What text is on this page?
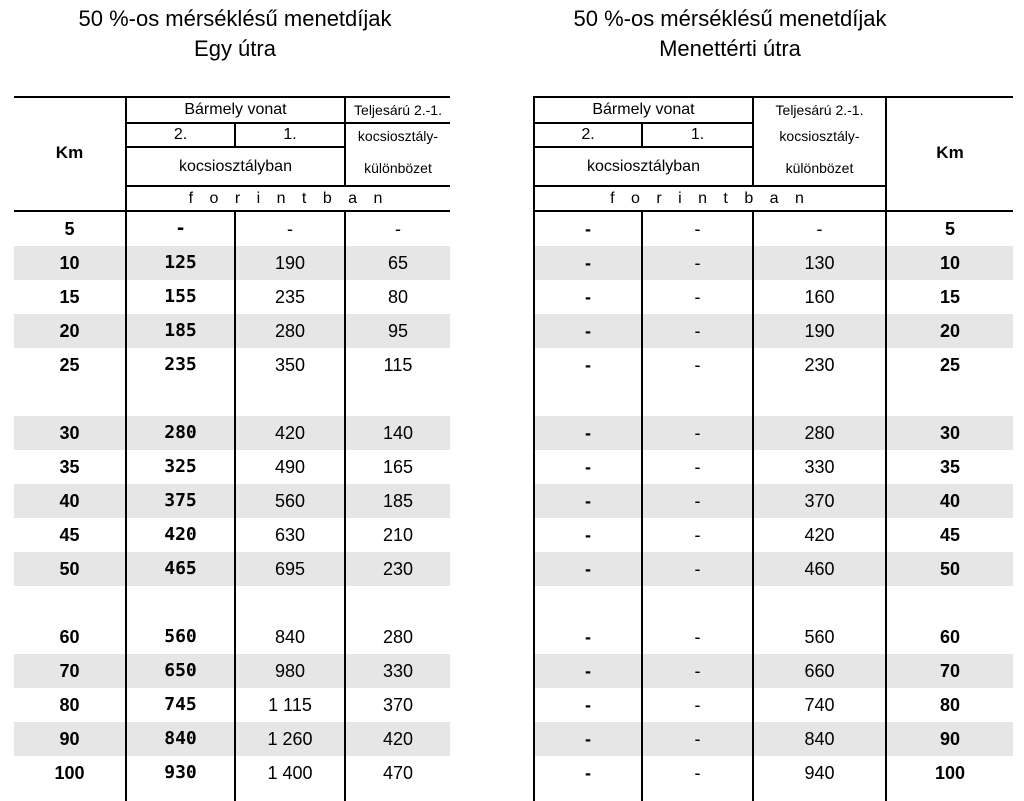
50 %-os mérséklésű menetdíjak
Egy útra
50 %-os mérséklésű menetdíjak
Menettérti útra
Km
Bármely vonat
2.	1.
kocsiosztályban
Teljesárú 2.-1.
kocsiosztály-
különbözet
f o r i n t b a n
5	-	-	-
10	125	190	65
15	155	235	80
20	185	280	95
25	235	350	115
30	280	420	140
35	325	490	165
40	375	560	185
45	420	630	210
50	465	695	230
60	560	840	280
70	650	980	330
80	745	1 115	370
90	840	1 260	420
100	930	1 400	470
Bármely vonat
2.	1.
kocsiosztályban
Teljesárú 2.-1.
kocsiosztály-
különbözet
f o r i n t b a n
Km
-	-	-	5
-	-	130	10
-	-	160	15
-	-	190	20
-	-	230	25
-	-	280	30
-	-	330	35
-	-	370	40
-	-	420	45
-	-	460	50
-	-	560	60
-	-	660	70
-	-	740	80
-	-	840	90
-	-	940	100
